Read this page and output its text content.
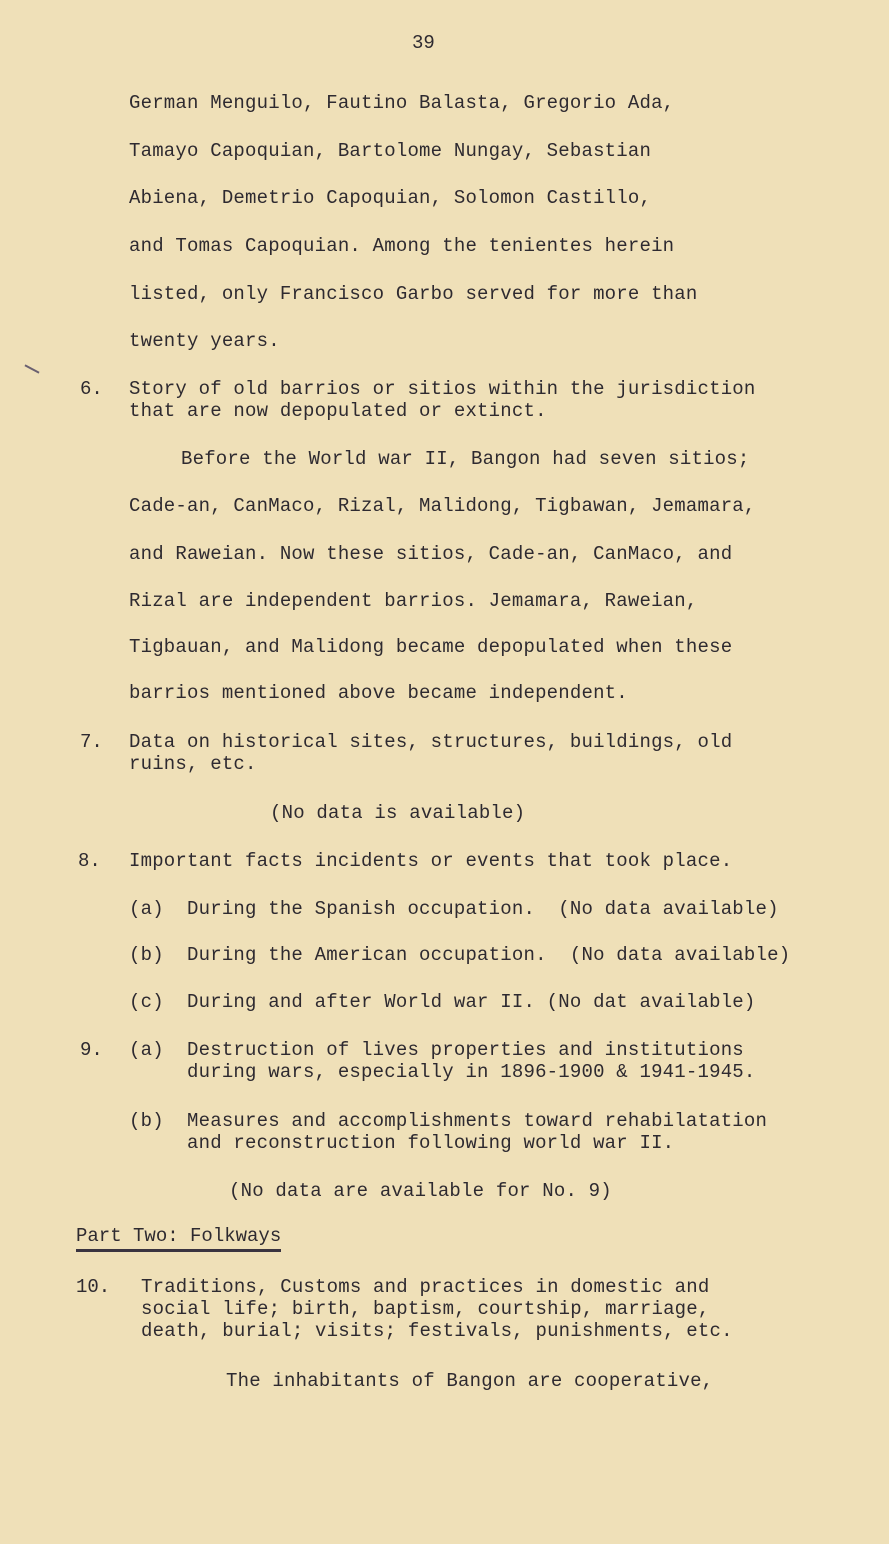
39
German Menguilo, Fautino Balasta, Gregorio Ada,
Tamayo Capoquian, Bartolome Nungay, Sebastian
Abiena, Demetrio Capoquian, Solomon Castillo,
and Tomas Capoquian. Among the tenientes herein
listed, only Francisco Garbo served for more than
twenty years.
6. Story of old barrios or sitios within the jurisdiction
that are now depopulated or extinct.
Before the World war II, Bangon had seven sitios;
Cade-an, CanMaco, Rizal, Malidong, Tigbawan, Jemamara,
and Raweian. Now these sitios, Cade-an, CanMaco, and
Rizal are independent barrios. Jemamara, Raweian,
Tigbauan, and Malidong became depopulated when these
barrios mentioned above became independent.
7. Data on historical sites, structures, buildings, old
ruins, etc.
(No data is available)
8. Important facts incidents or events that took place.
(a)  During the Spanish occupation.  (No data available)
(b)  During the American occupation.  (No data available)
(c)  During and after World war II. (No dat available)
9. (a)  Destruction of lives properties and institutions
during wars, especially in 1896-1900 & 1941-1945.
(b)  Measures and accomplishments toward rehabilatation
and reconstruction following world war II.
(No data are available for No. 9)
Part Two: Folkways
10. Traditions, Customs and practices in domestic and
social life; birth, baptism, courtship, marriage,
death, burial; visits; festivals, punishments, etc.
The inhabitants of Bangon are cooperative,
